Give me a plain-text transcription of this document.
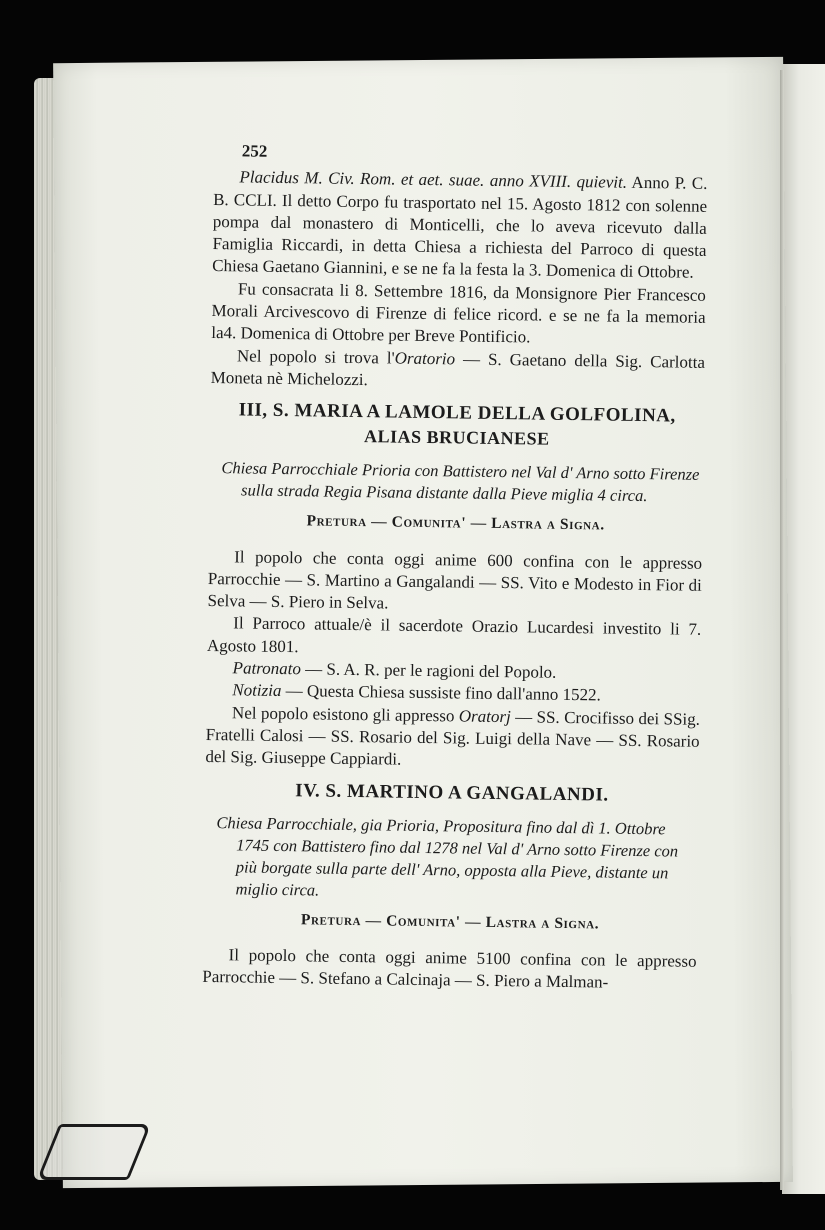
252

Placidus M. Civ. Rom. et aet. suae. anno XVIII. quievit. Anno P. C. B. CCLI. Il detto Corpo fu trasportato nel 15. Agosto 1812 con solenne pompa dal monastero di Monticelli, che lo aveva ricevuto dalla Famiglia Riccardi, in detta Chiesa a richiesta del Parroco di questa Chiesa Gaetano Giannini, e se ne fa la festa la 3. Domenica di Ottobre.

Fu consacrata li 8. Settembre 1816, da Monsignore Pier Francesco Morali Arcivescovo di Firenze di felice ricord. e se ne fa la memoria la4. Domenica di Ottobre per Breve Pontificio.

Nel popolo si trova l'Oratorio — S. Gaetano della Sig. Carlotta Moneta nè Michelozzi.

III, S. MARIA A LAMOLE DELLA GOLFOLINA,
ALIAS BRUCIANESE

Chiesa Parrocchiale Prioria con Battistero nel Val d' Arno sotto Firenze sulla strada Regia Pisana distante dalla Pieve miglia 4 circa.

Pretura — Comunita' — Lastra a Signa.

Il popolo che conta oggi anime 600 confina con le appresso Parrocchie — S. Martino a Gangalandi — SS. Vito e Modesto in Fior di Selva — S. Piero in Selva.

Il Parroco attuale/è il sacerdote Orazio Lucardesi investito li 7. Agosto 1801.

Patronato — S. A. R. per le ragioni del Popolo.

Notizia — Questa Chiesa sussiste fino dall'anno 1522.

Nel popolo esistono gli appresso Oratorj — SS. Crocifisso dei SSig. Fratelli Calosi — SS. Rosario del Sig. Luigi della Nave — SS. Rosario del Sig. Giuseppe Cappiardi.

IV. S. MARTINO A GANGALANDI.

Chiesa Parrocchiale, gia Prioria, Propositura fino dal dì 1. Ottobre 1745 con Battistero fino dal 1278 nel Val d' Arno sotto Firenze con più borgate sulla parte dell' Arno, opposta alla Pieve, distante un miglio circa.

Pretura — Comunita' — Lastra a Signa.

Il popolo che conta oggi anime 5100 confina con le appresso Parrocchie — S. Stefano a Calcinaja — S. Piero a Malman-
